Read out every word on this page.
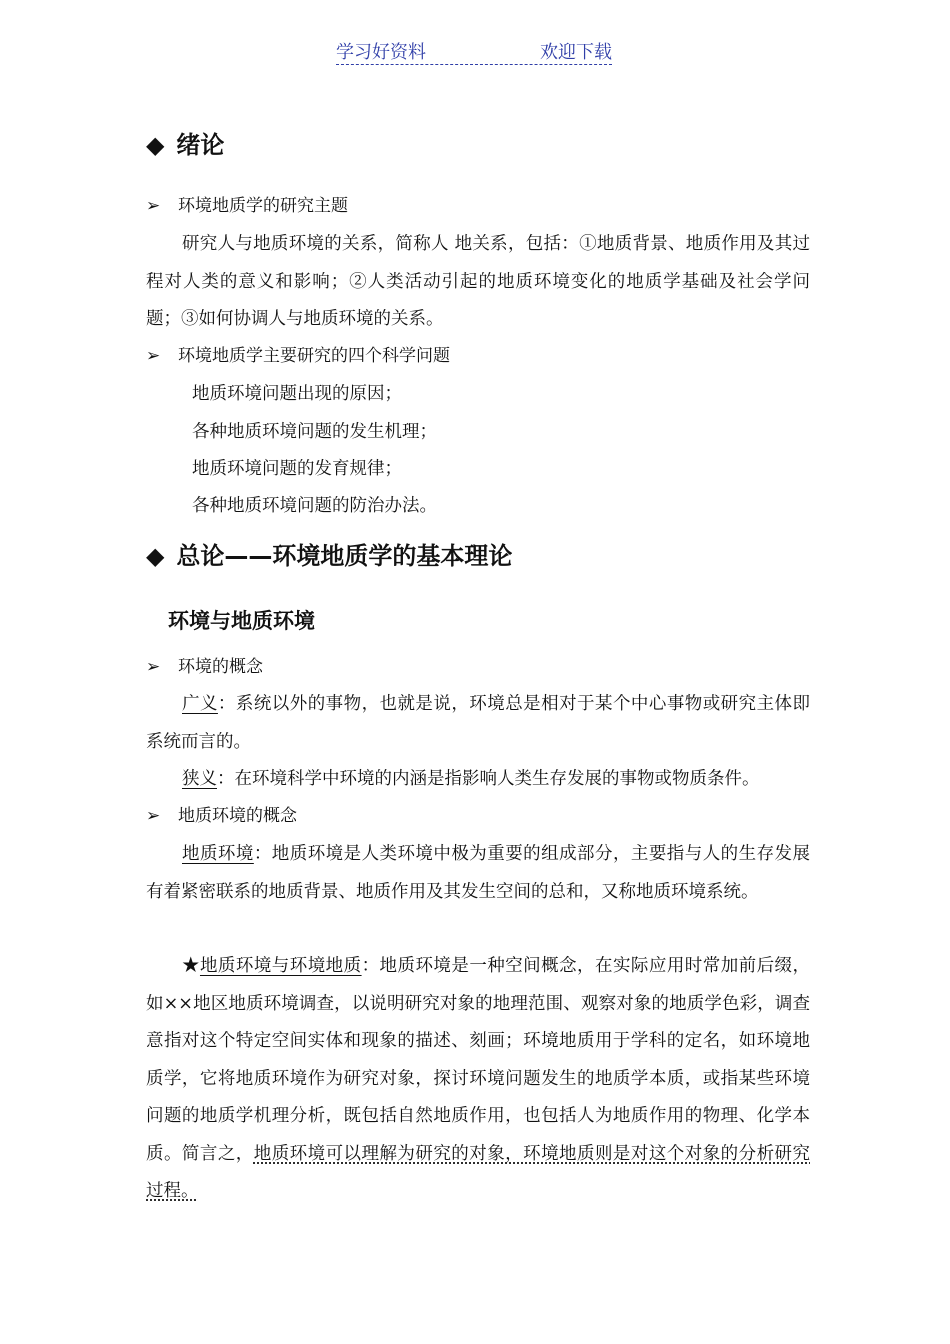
学习好资料	欢迎下载
◆ 绪论
➢ 环境地质学的研究主题
研究人与地质环境的关系，简称人 地关系，包括：①地质背景、地质作用及其过程对人类的意义和影响；②人类活动引起的地质环境变化的地质学基础及社会学问题；③如何协调人与地质环境的关系。
➢ 环境地质学主要研究的四个科学问题
地质环境问题出现的原因；
各种地质环境问题的发生机理；
地质环境问题的发育规律；
各种地质环境问题的防治办法。
◆ 总论——环境地质学的基本理论
环境与地质环境
➢ 环境的概念
广义：系统以外的事物，也就是说，环境总是相对于某个中心事物或研究主体即系统而言的。
狭义：在环境科学中环境的内涵是指影响人类生存发展的事物或物质条件。
➢ 地质环境的概念
地质环境：地质环境是人类环境中极为重要的组成部分，主要指与人的生存发展有着紧密联系的地质背景、地质作用及其发生空间的总和，又称地质环境系统。
★地质环境与环境地质：地质环境是一种空间概念，在实际应用时常加前后缀，如××地区地质环境调查，以说明研究对象的地理范围、观察对象的地质学色彩，调查意指对这个特定空间实体和现象的描述、刻画；环境地质用于学科的定名，如环境地质学，它将地质环境作为研究对象，探讨环境问题发生的地质学本质，或指某些环境问题的地质学机理分析，既包括自然地质作用，也包括人为地质作用的物理、化学本质。简言之，地质环境可以理解为研究的对象，环境地质则是对这个对象的分析研究过程。
